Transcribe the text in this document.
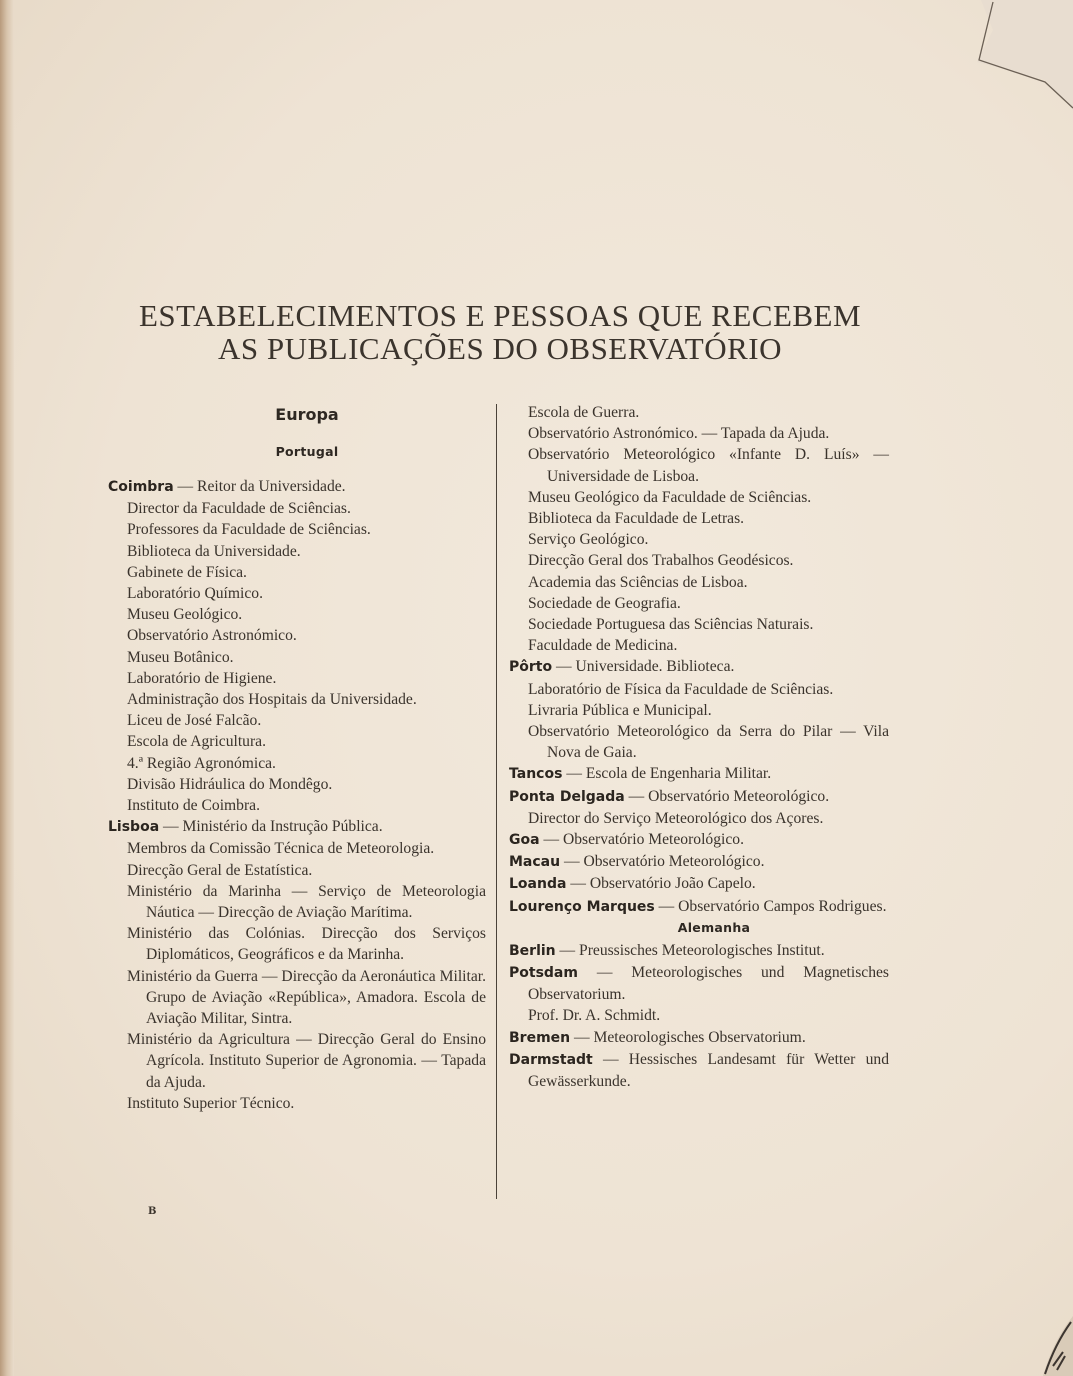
ESTABELECIMENTOS E PESSOAS QUE RECEBEM
AS PUBLICAÇÕES DO OBSERVATÓRIO
Europa
Portugal

Coimbra — Reitor da Universidade.

Director da Faculdade de Sciências.

Professores da Faculdade de Sciências.

Biblioteca da Universidade.

Gabinete de Física.

Laboratório Químico.

Museu Geológico.

Observatório Astronómico.

Museu Botânico.

Laboratório de Higiene.

Administração dos Hospitais da Universidade.

Liceu de José Falcão.

Escola de Agricultura.

4.ª Região Agronómica.

Divisão Hidráulica do Mondêgo.

Instituto de Coimbra.

Lisboa — Ministério da Instrução Pública.

Membros da Comissão Técnica de Meteorologia.

Direcção Geral de Estatística.

Ministério da Marinha — Serviço de Meteorologia Náutica — Direcção de Aviação Marítima.

Ministério das Colónias. Direcção dos Serviços Diplomáticos, Geográficos e da Marinha.

Ministério da Guerra — Direcção da Aeronáutica Militar. Grupo de Aviação «República», Amadora. Escola de Aviação Militar, Sintra.

Ministério da Agricultura — Direcção Geral do Ensino Agrícola. Instituto Superior de Agronomia. — Tapada da Ajuda.

Instituto Superior Técnico.

B

Escola de Guerra.

Observatório Astronómico. — Tapada da Ajuda.

Observatório Meteorológico «Infante D. Luís» — Universidade de Lisboa.

Museu Geológico da Faculdade de Sciências.

Biblioteca da Faculdade de Letras.

Serviço Geológico.

Direcção Geral dos Trabalhos Geodésicos.

Academia das Sciências de Lisboa.

Sociedade de Geografia.

Sociedade Portuguesa das Sciências Naturais.

Faculdade de Medicina.

Pôrto — Universidade. Biblioteca.

Laboratório de Física da Faculdade de Sciências.

Livraria Pública e Municipal.

Observatório Meteorológico da Serra do Pilar — Vila Nova de Gaia.

Tancos — Escola de Engenharia Militar.

Ponta Delgada — Observatório Meteorológico.

Director do Serviço Meteorológico dos Açores.

Goa — Observatório Meteorológico.

Macau — Observatório Meteorológico.

Loanda — Observatório João Capelo.

Lourenço Marques — Observatório Campos Rodrigues.

Alemanha

Berlin — Preussisches Meteorologisches Institut.

Potsdam — Meteorologisches und Magnetisches Observatorium.

Prof. Dr. A. Schmidt.

Bremen — Meteorologisches Observatorium.

Darmstadt — Hessisches Landesamt für Wetter und Gewässerkunde.
